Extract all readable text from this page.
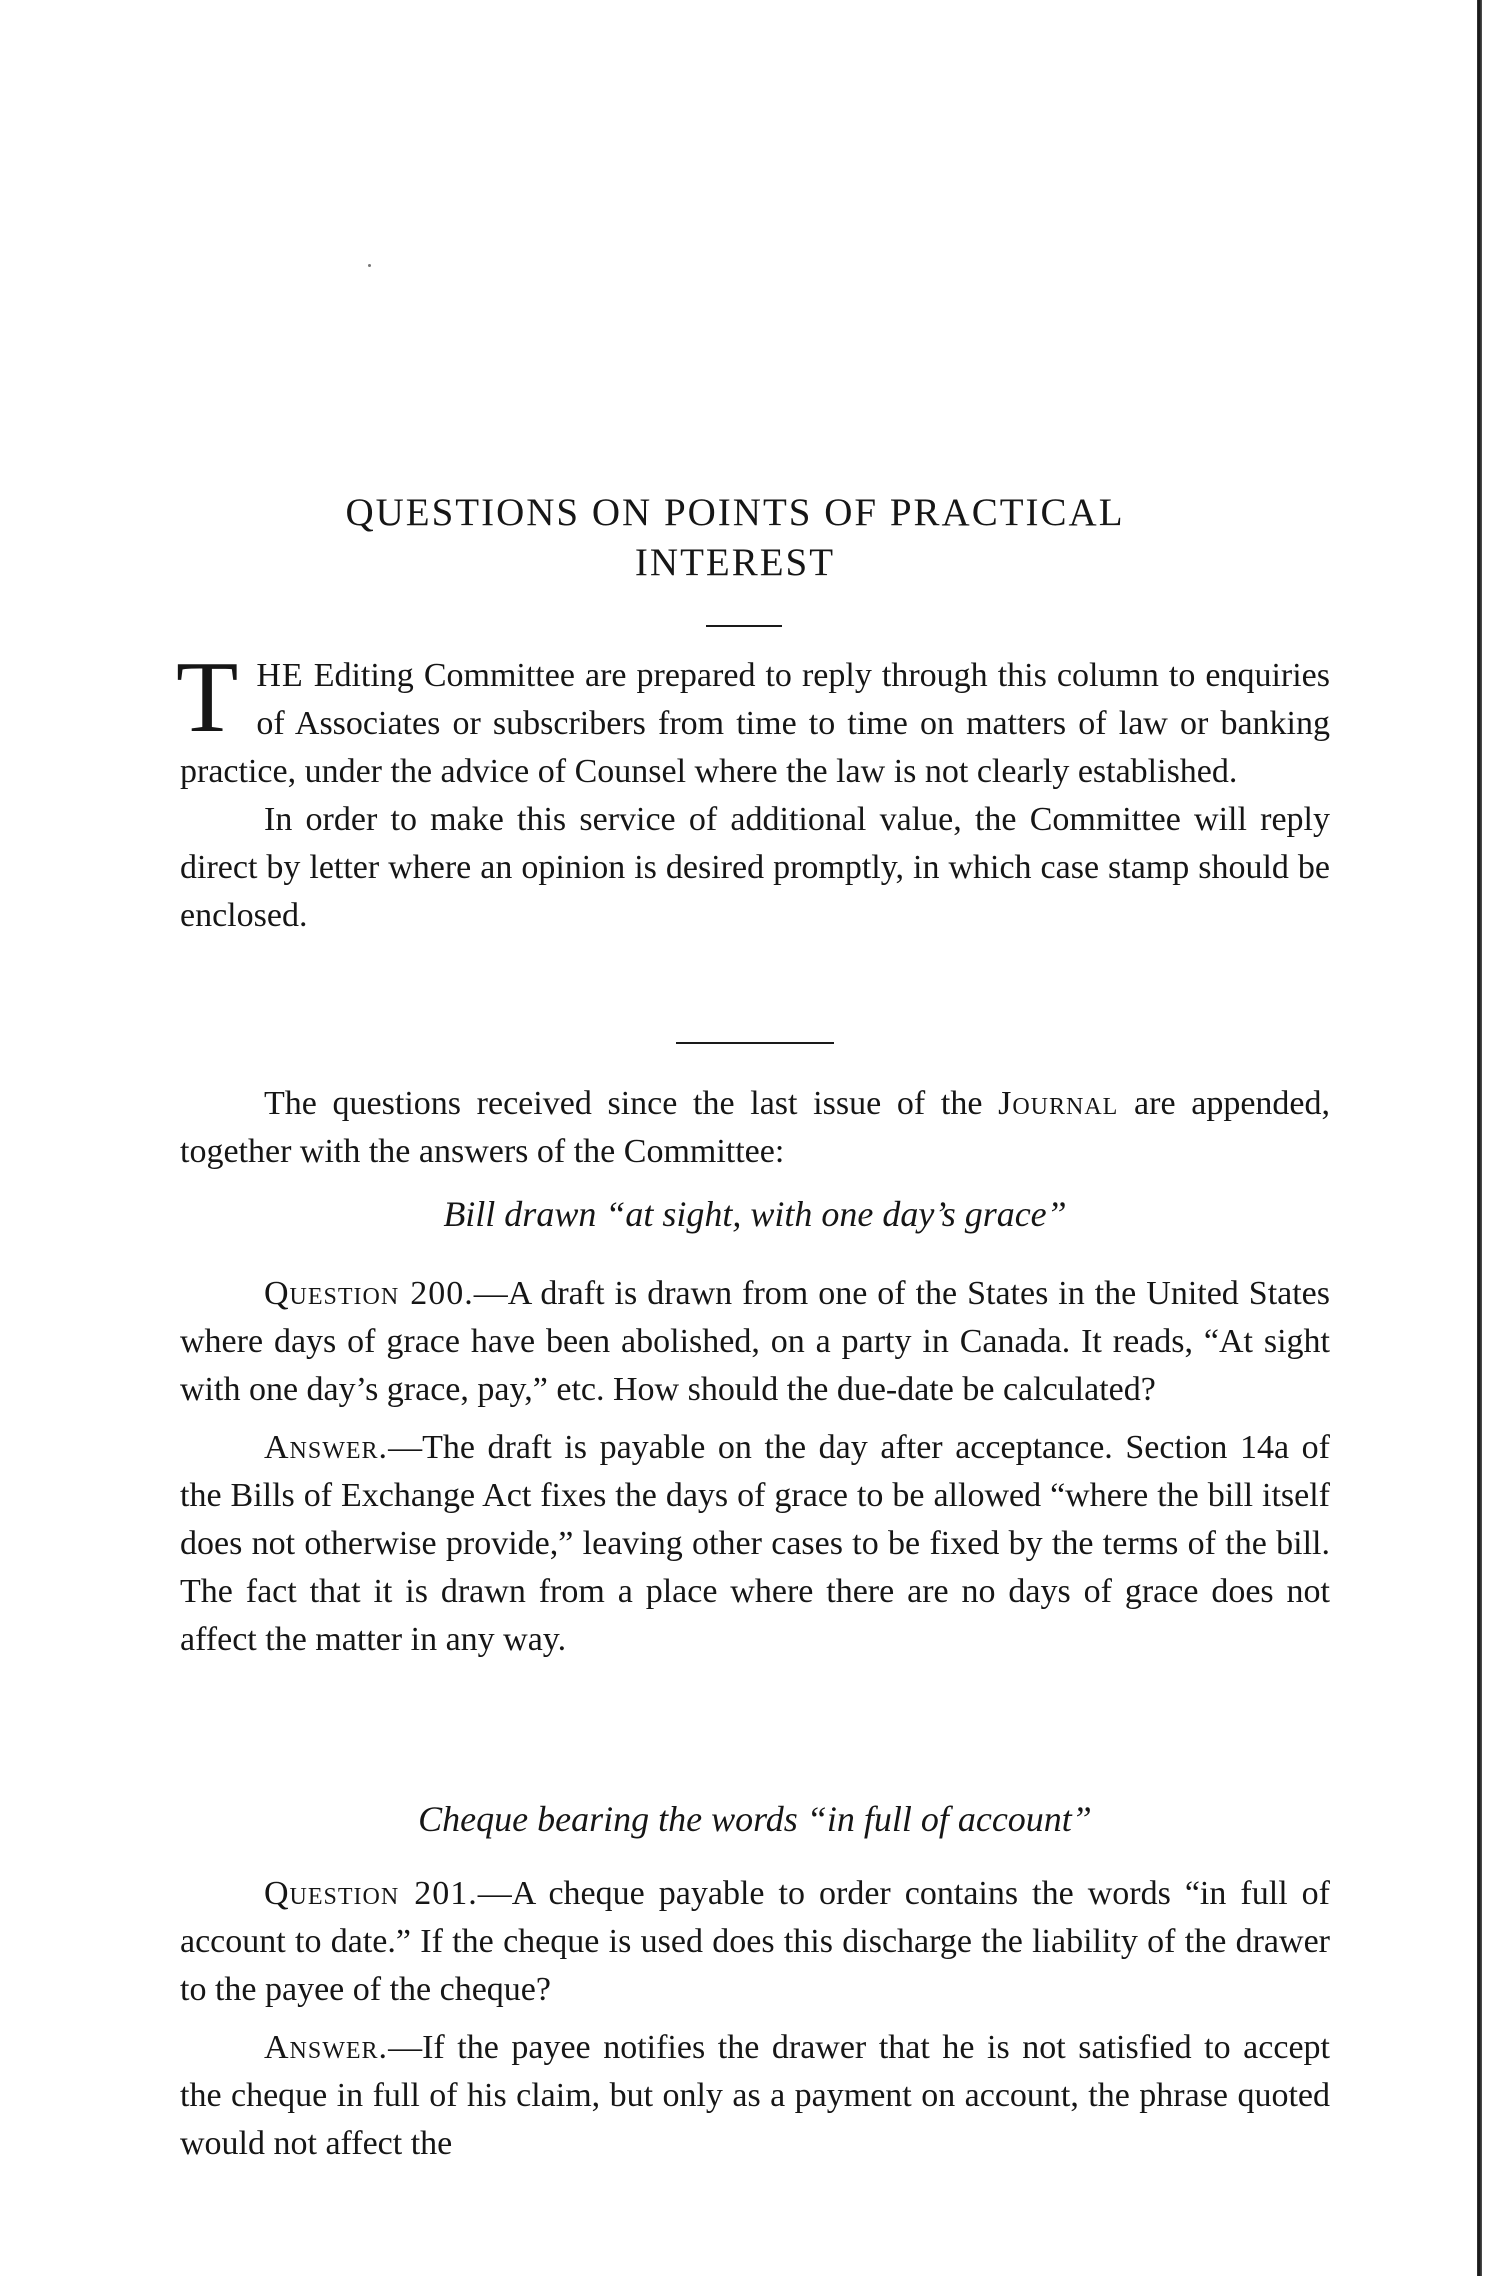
QUESTIONS ON POINTS OF PRACTICAL
INTEREST

THE Editing Committee are prepared to reply through this column to enquiries of Associates or subscribers from time to time on matters of law or banking practice, under the advice of Counsel where the law is not clearly established.

In order to make this service of additional value, the Committee will reply direct by letter where an opinion is desired promptly, in which case stamp should be enclosed.

The questions received since the last issue of the Journal are appended, together with the answers of the Committee:

Bill drawn “at sight, with one day’s grace”

Question 200.—A draft is drawn from one of the States in the United States where days of grace have been abolished, on a party in Canada. It reads, “At sight with one day’s grace, pay,” etc. How should the due-date be calculated?

Answer.—The draft is payable on the day after acceptance. Section 14a of the Bills of Exchange Act fixes the days of grace to be allowed “where the bill itself does not otherwise provide,” leaving other cases to be fixed by the terms of the bill. The fact that it is drawn from a place where there are no days of grace does not affect the matter in any way.

Cheque bearing the words “in full of account”

Question 201.—A cheque payable to order contains the words “in full of account to date.” If the cheque is used does this discharge the liability of the drawer to the payee of the cheque?

Answer.—If the payee notifies the drawer that he is not satisfied to accept the cheque in full of his claim, but only as a payment on account, the phrase quoted would not affect the
